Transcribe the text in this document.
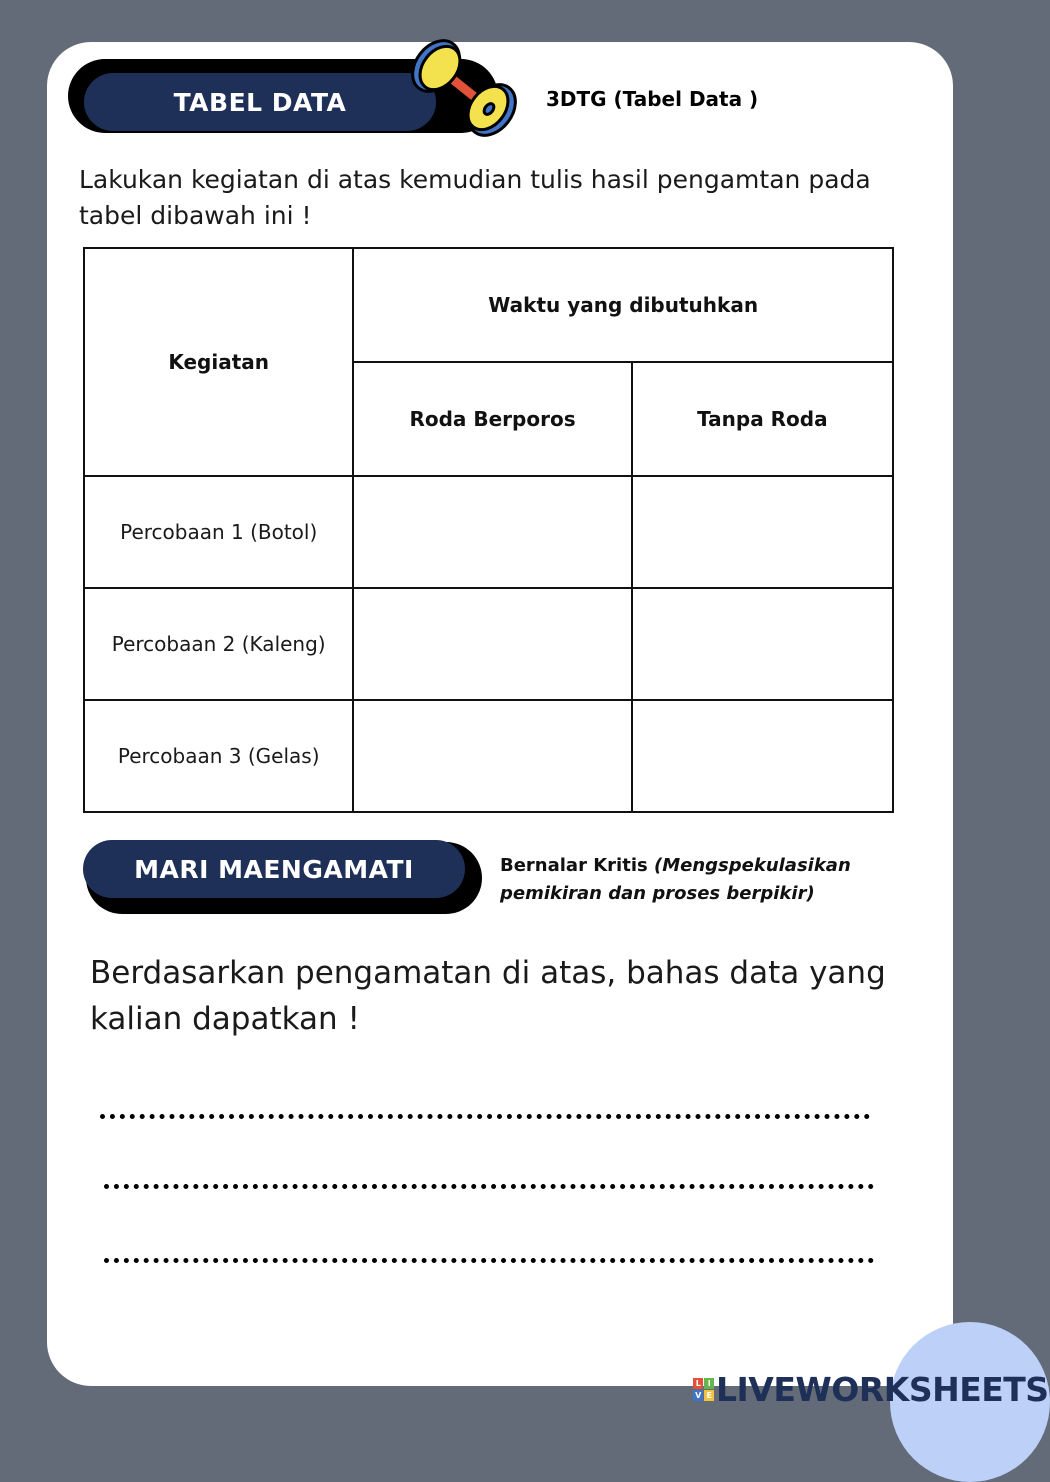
TABEL DATA	3DTG (Tabel Data )
Lakukan kegiatan di atas kemudian tulis hasil pengamtan pada tabel dibawah ini !
Kegiatan	Waktu yang dibutuhkan	
	Roda Berporos	Tanpa Roda
Percobaan 1 (Botol)		
Percobaan 2 (Kaleng)		
Percobaan 3 (Gelas)		
MARI MAENGAMATI	Bernalar Kritis (Mengspekulasikan pemikiran dan proses berpikir)
Berdasarkan pengamatan di atas, bahas data yang kalian dapatkan !
L I
V E LIVEWORKSHEETS
